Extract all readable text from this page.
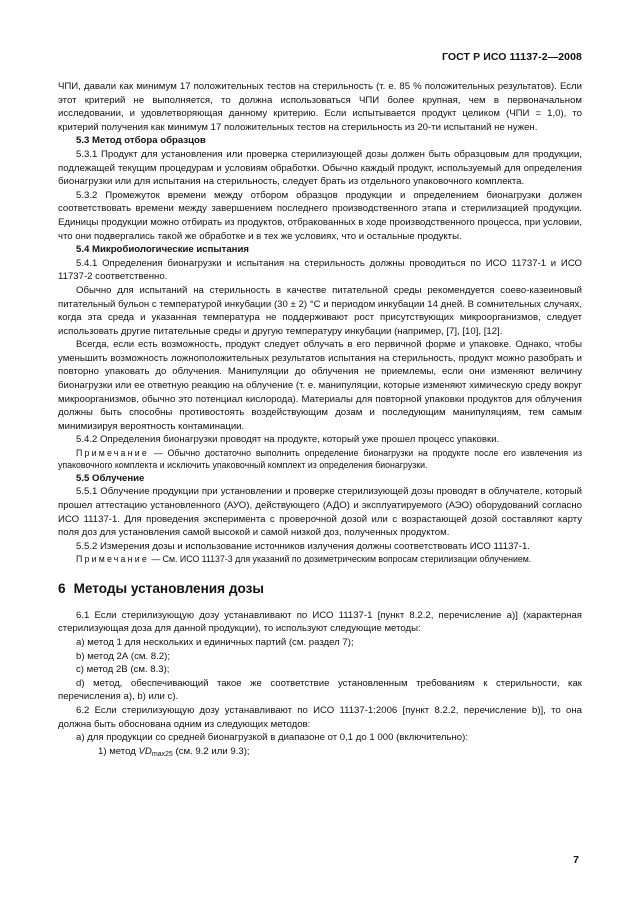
ГОСТ Р ИСО 11137-2—2008

ЧПИ, давали как минимум 17 положительных тестов на стерильность (т. е. 85 % положительных результатов). Если этот критерий не выполняется, то должна использоваться ЧПИ более крупная, чем в первоначальном исследовании, и удовлетворяющая данному критерию. Если испытывается продукт целиком (ЧПИ = 1,0), то критерий получения как минимум 17 положительных тестов на стерильность из 20-ти испытаний не нужен.

5.3 Метод отбора образцов

5.3.1 Продукт для установления или проверка стерилизующей дозы должен быть образцовым для продукции, подлежащей текущим процедурам и условиям обработки. Обычно каждый продукт, используемый для определения бионагрузки или для испытания на стерильность, следует брать из отдельного упаковочного комплекта.

5.3.2 Промежуток времени между отбором образцов продукции и определением бионагрузки должен соответствовать времени между завершением последнего производственного этапа и стерилизацией продукции. Единицы продукции можно отбирать из продуктов, отбракованных в ходе производственного процесса, при условии, что они подвергались такой же обработке и в тех же условиях, что и остальные продукты.

5.4 Микробиологические испытания

5.4.1 Определения бионагрузки и испытания на стерильность должны проводиться по ИСО 11737-1 и ИСО 11737-2 соответственно.

Обычно для испытаний на стерильность в качестве питательной среды рекомендуется соево-казеиновый питательный бульон с температурой инкубации (30 ± 2) °С и периодом инкубации 14 дней. В сомнительных случаях, когда эта среда и указанная температура не поддерживают рост присутствующих микроорганизмов, следует использовать другие питательные среды и другую температуру инкубации (например, [7], [10], [12].

Всегда, если есть возможность, продукт следует облучать в его первичной форме и упаковке. Однако, чтобы уменьшить возможность ложноположительных результатов испытания на стерильность, продукт можно разобрать и повторно упаковать до облучения. Манипуляции до облучения не приемлемы, если они изменяют величину бионагрузки или ее ответную реакцию на облучение (т. е. манипуляции, которые изменяют химическую среду вокруг микроорганизмов, обычно это потенциал кислорода). Материалы для повторной упаковки продуктов для облучения должны быть способны противостоять воздействующим дозам и последующим манипуляциям, тем самым минимизируя вероятность контаминации.

5.4.2 Определения бионагрузки проводят на продукте, который уже прошел процесс упаковки.

Примечание — Обычно достаточно выполнить определение бионагрузки на продукте после его извлечения из упаковочного комплекта и исключить упаковочный комплект из определения бионагрузки.

5.5 Облучение

5.5.1 Облучение продукции при установлении и проверке стерилизующей дозы проводят в облучателе, который прошел аттестацию установленного (АУО), действующего (АДО) и эксплуатируемого (АЭО) оборудований согласно ИСО 11137-1. Для проведения эксперимента с проверочной дозой или с возрастающей дозой составляют карту поля доз для установления самой высокой и самой низкой доз, полученных продуктом.

5.5.2 Измерения дозы и использование источников излучения должны соответствовать ИСО 11137-1.

Примечание — См. ИСО 11137-3 для указаний по дозиметрическим вопросам стерилизации облучением.

6 Методы установления дозы

6.1 Если стерилизующую дозу устанавливают по ИСО 11137-1 [пункт 8.2.2, перечисление а)] (характерная стерилизующая доза для данной продукции), то используют следующие методы:

a) метод 1 для нескольких и единичных партий (см. раздел 7);

b) метод 2А (см. 8.2);

c) метод 2В (см. 8.3);

d) метод, обеспечивающий такое же соответствие установленным требованиям к стерильности, как перечисления а), b) или c).

6.2 Если стерилизующую дозу устанавливают по ИСО 11137-1:2006 [пункт 8.2.2, перечисление b)], то она должна быть обоснована одним из следующих методов:

а) для продукции со средней бионагрузкой в диапазоне от 0,1 до 1 000 (включительно):

1) метод $VD_{max25}$ (см. 9.2 или 9.3);

7
